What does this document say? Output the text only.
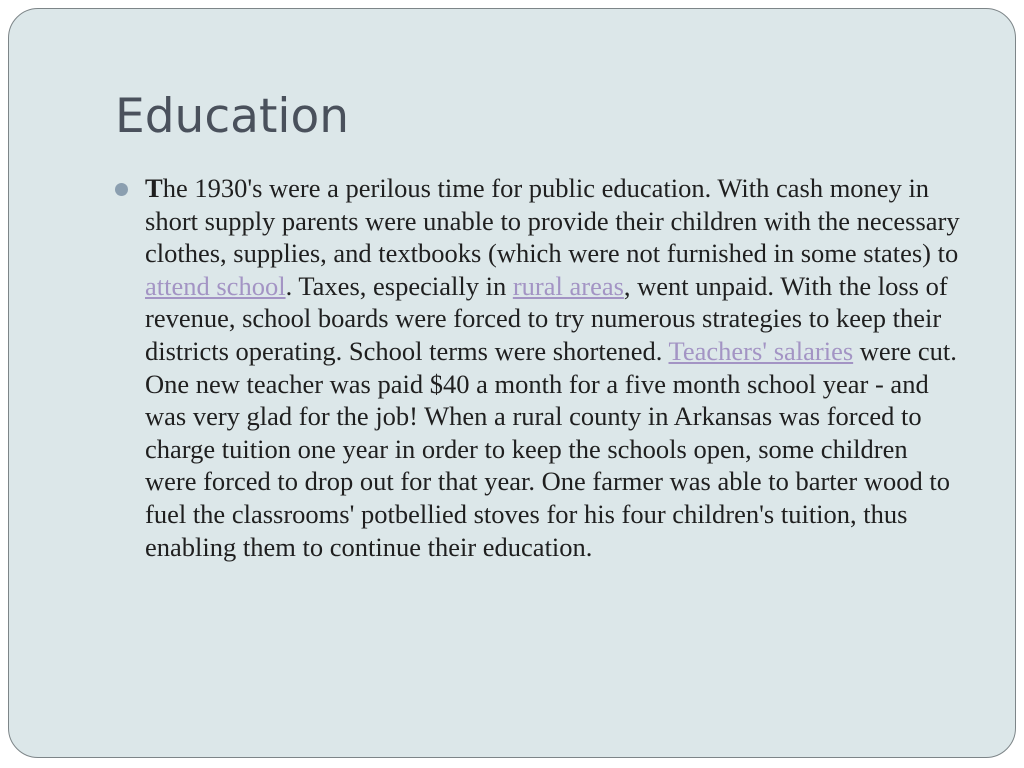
Education

The 1930's were a perilous time for public education. With cash money in short supply parents were unable to provide their children with the necessary clothes, supplies, and textbooks (which were not furnished in some states) to attend school. Taxes, especially in rural areas, went unpaid. With the loss of revenue, school boards were forced to try numerous strategies to keep their districts operating. School terms were shortened. Teachers' salaries were cut. One new teacher was paid $40 a month for a five month school year - and was very glad for the job! When a rural county in Arkansas was forced to charge tuition one year in order to keep the schools open, some children were forced to drop out for that year. One farmer was able to barter wood to fuel the classrooms' potbellied stoves for his four children's tuition, thus enabling them to continue their education.
